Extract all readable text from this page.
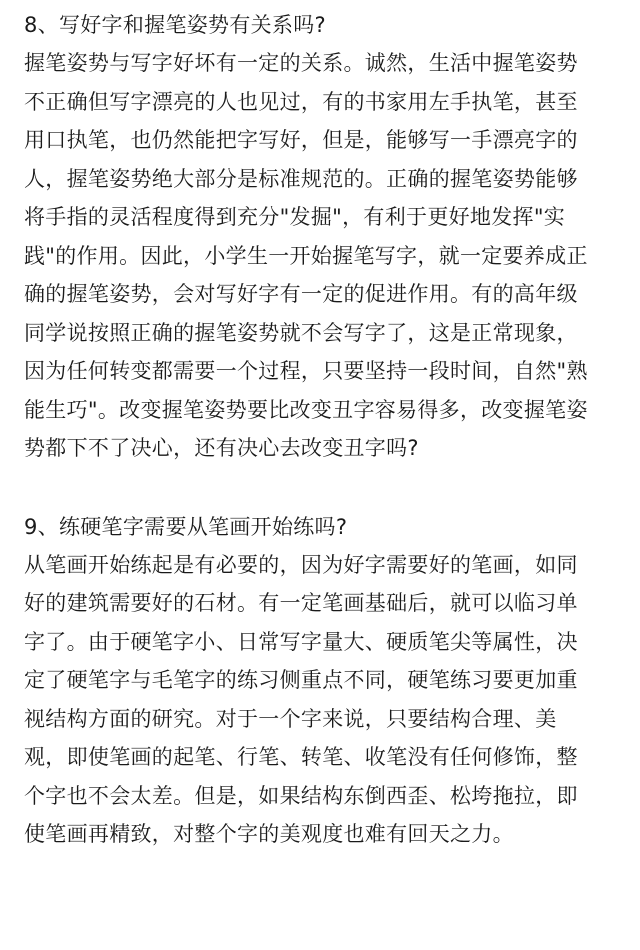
8、写好字和握笔姿势有关系吗?
握笔姿势与写字好坏有一定的关系。诚然，生活中握笔姿势
不正确但写字漂亮的人也见过，有的书家用左手执笔，甚至
用口执笔，也仍然能把字写好，但是，能够写一手漂亮字的
人，握笔姿势绝大部分是标准规范的。正确的握笔姿势能够
将手指的灵活程度得到充分"发掘"，有利于更好地发挥"实
践"的作用。因此，小学生一开始握笔写字，就一定要养成正
确的握笔姿势，会对写好字有一定的促进作用。有的高年级
同学说按照正确的握笔姿势就不会写字了，这是正常现象，
因为任何转变都需要一个过程，只要坚持一段时间，自然"熟
能生巧"。改变握笔姿势要比改变丑字容易得多，改变握笔姿
势都下不了决心，还有决心去改变丑字吗?
9、练硬笔字需要从笔画开始练吗?
从笔画开始练起是有必要的，因为好字需要好的笔画，如同
好的建筑需要好的石材。有一定笔画基础后，就可以临习单
字了。由于硬笔字小、日常写字量大、硬质笔尖等属性，决
定了硬笔字与毛笔字的练习侧重点不同，硬笔练习要更加重
视结构方面的研究。对于一个字来说，只要结构合理、美
观，即使笔画的起笔、行笔、转笔、收笔没有任何修饰，整
个字也不会太差。但是，如果结构东倒西歪、松垮拖拉，即
使笔画再精致，对整个字的美观度也难有回天之力。
